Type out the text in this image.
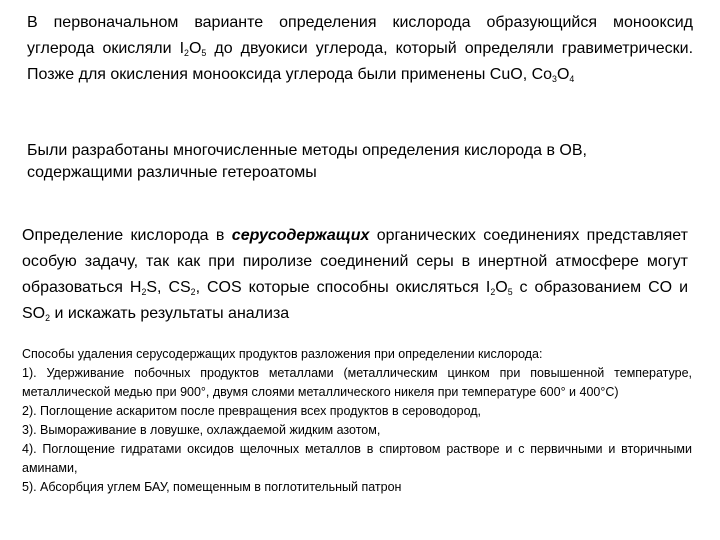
В первоначальном варианте определения кислорода образующийся монооксид углерода окисляли $I_2O_5$ до двуокиси углерода, который определяли гравиметрически. Позже для окисления монооксида углерода были применены CuO, $Co_3O_4$

Были разработаны многочисленные методы определения кислорода в ОВ, содержащими различные гетероатомы

Определение кислорода в серусодержащих органических соединениях представляет особую задачу, так как при пиролизе соединений серы в инертной атмосфере могут образоваться $H_2S$, $CS_2$, COS которые способны окисляться $I_2O_5$ с образованием CO и $SO_2$ и искажать результаты анализа

Способы удаления серусодержащих продуктов разложения при определении кислорода:
1). Удерживание побочных продуктов металлами (металлическим цинком при повышенной температуре, металлической медью при 900°, двумя слоями металлического никеля при температуре 600° и 400°С)
2). Поглощение аскаритом после превращения всех продуктов в сероводород,
3). Вымораживание в ловушке, охлаждаемой жидким азотом,
4). Поглощение гидратами оксидов щелочных металлов в спиртовом растворе и с первичными и вторичными аминами,
5). Абсорбция углем БАУ, помещенным в поглотительный патрон
